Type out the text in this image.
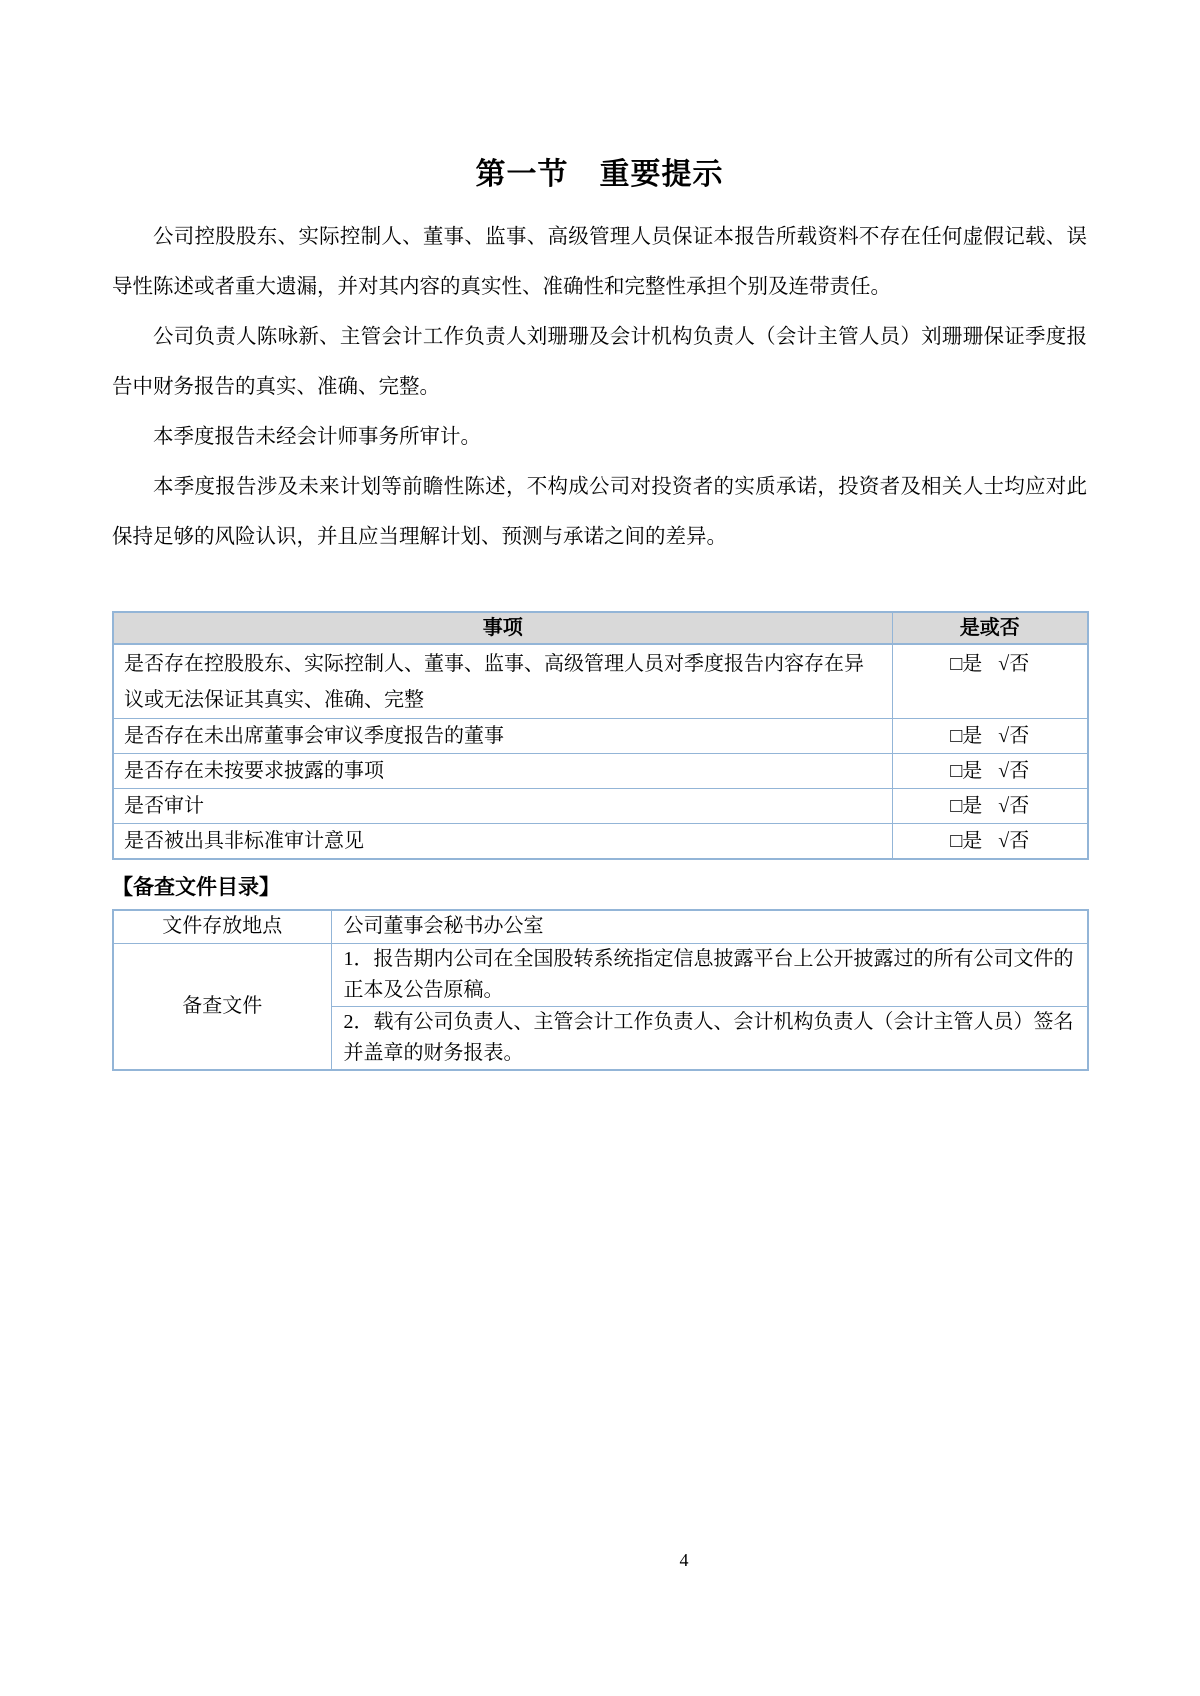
第一节　重要提示

公司控股股东、实际控制人、董事、监事、高级管理人员保证本报告所载资料不存在任何虚假记载、误导性陈述或者重大遗漏，并对其内容的真实性、准确性和完整性承担个别及连带责任。

公司负责人陈咏新、主管会计工作负责人刘珊珊及会计机构负责人（会计主管人员）刘珊珊保证季度报告中财务报告的真实、准确、完整。

本季度报告未经会计师事务所审计。

本季度报告涉及未来计划等前瞻性陈述，不构成公司对投资者的实质承诺，投资者及相关人士均应对此保持足够的风险认识，并且应当理解计划、预测与承诺之间的差异。

事项	是或否
是否存在控股股东、实际控制人、董事、监事、高级管理人员对季度报告内容存在异议或无法保证其真实、准确、完整	□是 √否
是否存在未出席董事会审议季度报告的董事	□是 √否
是否存在未按要求披露的事项	□是 √否
是否审计	□是 √否
是否被出具非标准审计意见	□是 √否
【备查文件目录】
文件存放地点	公司董事会秘书办公室
备查文件	1．报告期内公司在全国股转系统指定信息披露平台上公开披露过的所有公司文件的正本及公告原稿。
	2．载有公司负责人、主管会计工作负责人、会计机构负责人（会计主管人员）签名并盖章的财务报表。
4
